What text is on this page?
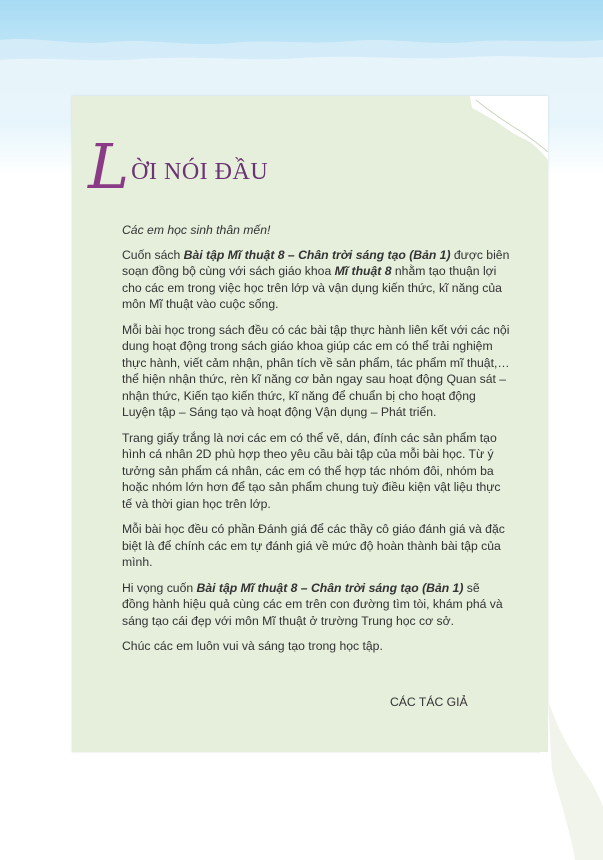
L ỜI NÓI ĐẦU

Các em học sinh thân mến!

Cuốn sách Bài tập Mĩ thuật 8 – Chân trời sáng tạo (Bản 1) được biên soạn đồng bộ cùng với sách giáo khoa Mĩ thuật 8 nhằm tạo thuận lợi cho các em trong việc học trên lớp và vận dụng kiến thức, kĩ năng của môn Mĩ thuật vào cuộc sống.

Mỗi bài học trong sách đều có các bài tập thực hành liên kết với các nội dung hoạt động trong sách giáo khoa giúp các em có thể trải nghiệm thực hành, viết cảm nhận, phân tích về sản phẩm, tác phẩm mĩ thuật,… thể hiện nhận thức, rèn kĩ năng cơ bản ngay sau hoạt động Quan sát – nhận thức, Kiến tạo kiến thức, kĩ năng để chuẩn bị cho hoạt động Luyện tập – Sáng tạo và hoạt động Vận dụng – Phát triển.

Trang giấy trắng là nơi các em có thể vẽ, dán, đính các sản phẩm tạo hình cá nhân 2D phù hợp theo yêu cầu bài tập của mỗi bài học. Từ ý tưởng sản phẩm cá nhân, các em có thể hợp tác nhóm đôi, nhóm ba hoặc nhóm lớn hơn để tạo sản phẩm chung tuỳ điều kiện vật liệu thực tế và thời gian học trên lớp.

Mỗi bài học đều có phần Đánh giá để các thầy cô giáo đánh giá và đặc biệt là để chính các em tự đánh giá về mức độ hoàn thành bài tập của mình.

Hi vọng cuốn Bài tập Mĩ thuật 8 – Chân trời sáng tạo (Bản 1) sẽ đồng hành hiệu quả cùng các em trên con đường tìm tòi, khám phá và sáng tạo cái đẹp với môn Mĩ thuật ở trường Trung học cơ sở.

Chúc các em luôn vui và sáng tạo trong học tập.

CÁC TÁC GIẢ
